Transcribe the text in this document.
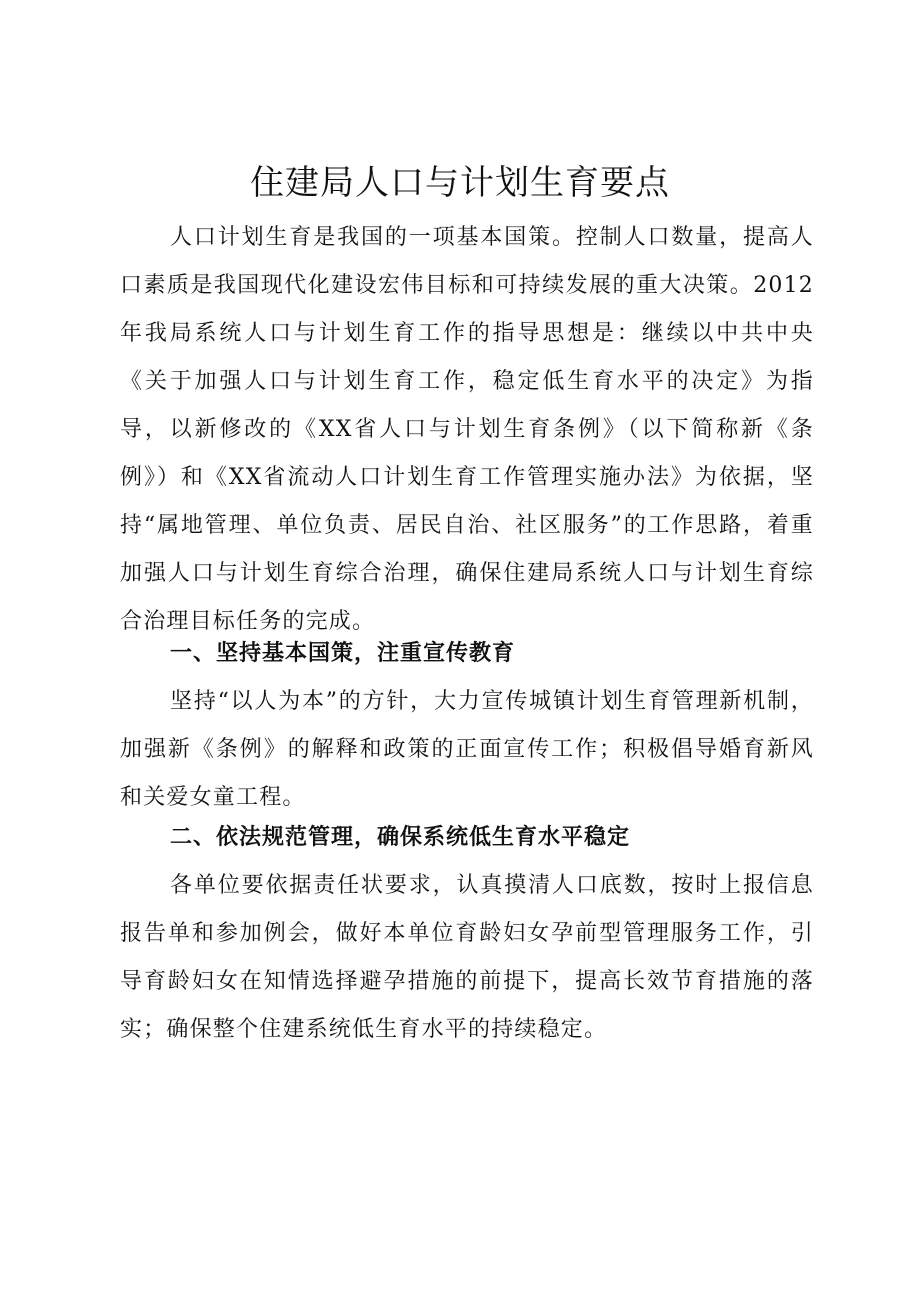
住建局人口与计划生育要点
人口计划生育是我国的一项基本国策。控制人口数量，提高人口素质是我国现代化建设宏伟目标和可持续发展的重大决策。2012年我局系统人口与计划生育工作的指导思想是：继续以中共中央《关于加强人口与计划生育工作，稳定低生育水平的决定》为指导，以新修改的《XX省人口与计划生育条例》（以下简称新《条例》）和《XX省流动人口计划生育工作管理实施办法》为依据，坚持“属地管理、单位负责、居民自治、社区服务”的工作思路，着重加强人口与计划生育综合治理，确保住建局系统人口与计划生育综合治理目标任务的完成。
一、坚持基本国策，注重宣传教育
坚持“以人为本”的方针，大力宣传城镇计划生育管理新机制，加强新《条例》的解释和政策的正面宣传工作；积极倡导婚育新风和关爱女童工程。
二、依法规范管理，确保系统低生育水平稳定
各单位要依据责任状要求，认真摸清人口底数，按时上报信息报告单和参加例会，做好本单位育龄妇女孕前型管理服务工作，引导育龄妇女在知情选择避孕措施的前提下，提高长效节育措施的落实；确保整个住建系统低生育水平的持续稳定。
